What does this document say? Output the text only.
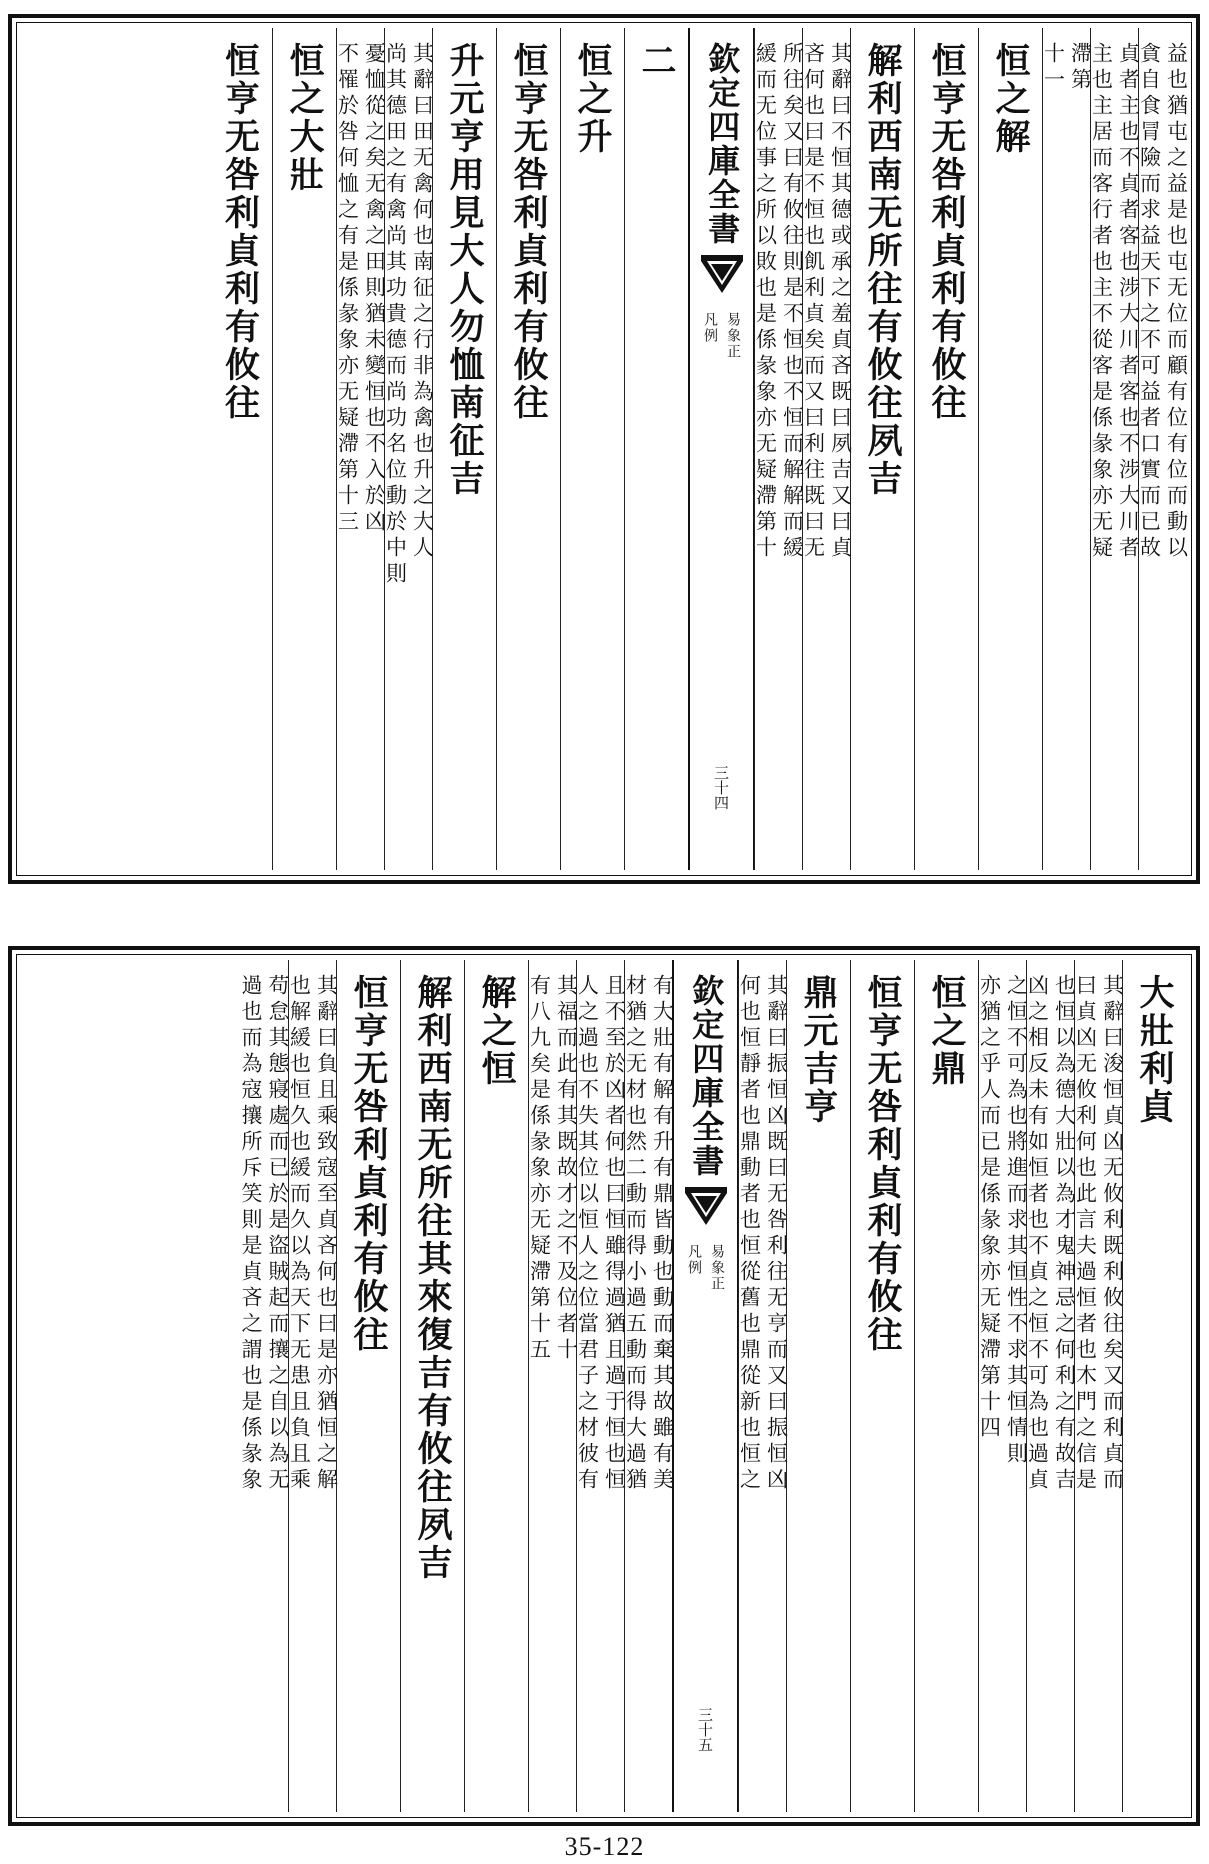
益也猶屯之益是也屯无位而顧有位有位而動以
貪自食冐險而求益天下之不可益者口實而已故
貞者主也不貞者客也涉大川者客也不涉大川者
主也主居而客行者也主不從客是係彖象亦无疑
滯第
十一
恒之解
恒亨无咎利貞利有攸往
解利西南无所往有攸往夙吉
其辭曰不恒其德或承之羞貞吝既曰夙吉又曰貞
吝何也曰是不恒也飢利貞矣而又曰利往既曰无
所往矣又曰有攸往則是不恒也不恒而解解而緩
緩而无位事之所以敗也是係彖象亦无疑滯第十
欽定四庫全書
易象正
凡例
三十四
二
恒之升
恒亨无咎利貞利有攸往
升元亨用見大人勿恤南征吉
其辭曰田无禽何也南征之行非為禽也升之大人
尚其德田之有禽尚其功貴德而尚功名位動於中則
憂恤從之矣无禽之田則猶未變恒也不入於凶
不罹於咎何恤之有是係彖象亦无疑滯第十三
恒之大壯
恒亨无咎利貞利有攸往
大壯利貞
其辭曰浚恒貞凶无攸利既利攸往矣又而利貞而
曰貞凶无攸利何也此言夫過恒者也木門之信是
也恒以為德大壯以為才鬼神忌之何利之有故吉
凶之相反未有如恒者也不貞之恒不可為也過貞
之恒不可為也將進而求其恒性不求其恒情則
亦猶之乎人而已是係彖象亦无疑滯第十四
恒之鼎
恒亨无咎利貞利有攸往
鼎元吉亨
其辭曰振恒凶既曰无咎利往无亨而又曰振恒凶
何也恒靜者也鼎動者也恒從舊也鼎從新也恒之
欽定四庫全書
易象正
凡例
三十五
有大壯有解有升有鼎皆動也動而棄其故雖有美
材猶之无材也然二動而得小過五動而得大過猶
且不至於凶者何也曰恒雖得過猶且過于恒也恒
人之過也不失其位以恒人之位當君子之材彼有
其福而此有其既故才之不及位者十
有八九矣是係彖象亦无疑滯第十五
解之恒
解利西南无所往其來復吉有攸往夙吉
恒亨无咎利貞利有攸往
其辭曰負且乘致寇至貞吝何也曰是亦猶恒之解
也解緩也恒久也緩而久以為天下无患且負且乘
苟怠其態寢處而已於是盜賊起而攘之自以為无
過也而為寇攘所斥笑則是貞吝之謂也是係彖象
35-122
